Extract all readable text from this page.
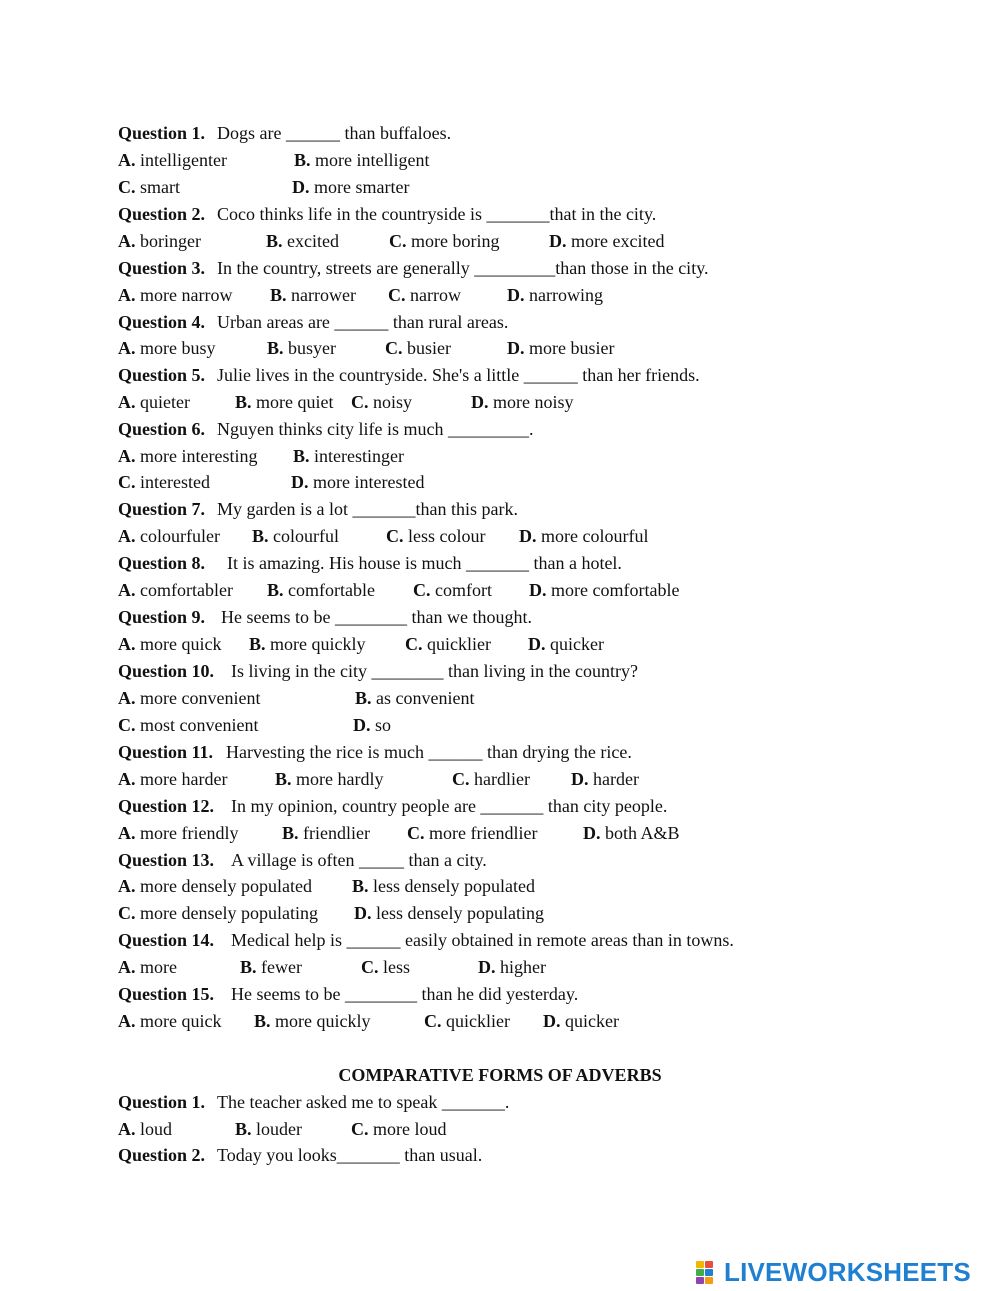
Question 1. Dogs are ______ than buffaloes.
A. intelligenter	B. more intelligent
C. smart	D. more smarter
Question 2. Coco thinks life in the countryside is _______that in the city.
A. boringer	B. excited	C. more boring	D. more excited
Question 3. In the country, streets are generally _________than those in the city.
A. more narrow B. narrower C. narrow	D. narrowing
Question 4. Urban areas are ______ than rural areas.
A. more busy	B. busyer	C. busier	D. more busier
Question 5. Julie lives in the countryside. She's a little ______ than her friends.
A. quieter	B. more quiet C. noisy	D. more noisy
Question 6. Nguyen thinks city life is much _________.
A. more interesting B. interestinger
C. interested	D. more interested
Question 7. My garden is a lot _______than this park.
A. colourfuler B. colourful	C. less colour D. more colourful
Question 8. It is amazing. His house is much _______ than a hotel.
A. comfortabler B. comfortable C. comfort D. more comfortable
Question 9. He seems to be ________ than we thought.
A. more quick B. more quickly C. quicklier D. quicker
Question 10. Is living in the city ________ than living in the country?
A. more convenient	B. as convenient
C. most convenient	D. so
Question 11. Harvesting the rice is much ______ than drying the rice.
A. more harder	B. more hardly	C. hardlier D. harder
Question 12. In my opinion, country people are _______ than city people.
A. more friendly B. friendlier C. more friendlier	D. both A&B
Question 13. A village is often _____ than a city.
A. more densely populated B. less densely populated
C. more densely populating D. less densely populating
Question 14. Medical help is ______ easily obtained in remote areas than in towns.
A. more	B. fewer	C. less	D. higher
Question 15. He seems to be ________ than he did yesterday.
A. more quick B. more quickly	C. quicklier D. quicker
COMPARATIVE FORMS OF ADVERBS
Question 1. The teacher asked me to speak _______.
A. loud	B. louder	C. more loud
Question 2. Today you looks_______ than usual.
LIVEWORKSHEETS
